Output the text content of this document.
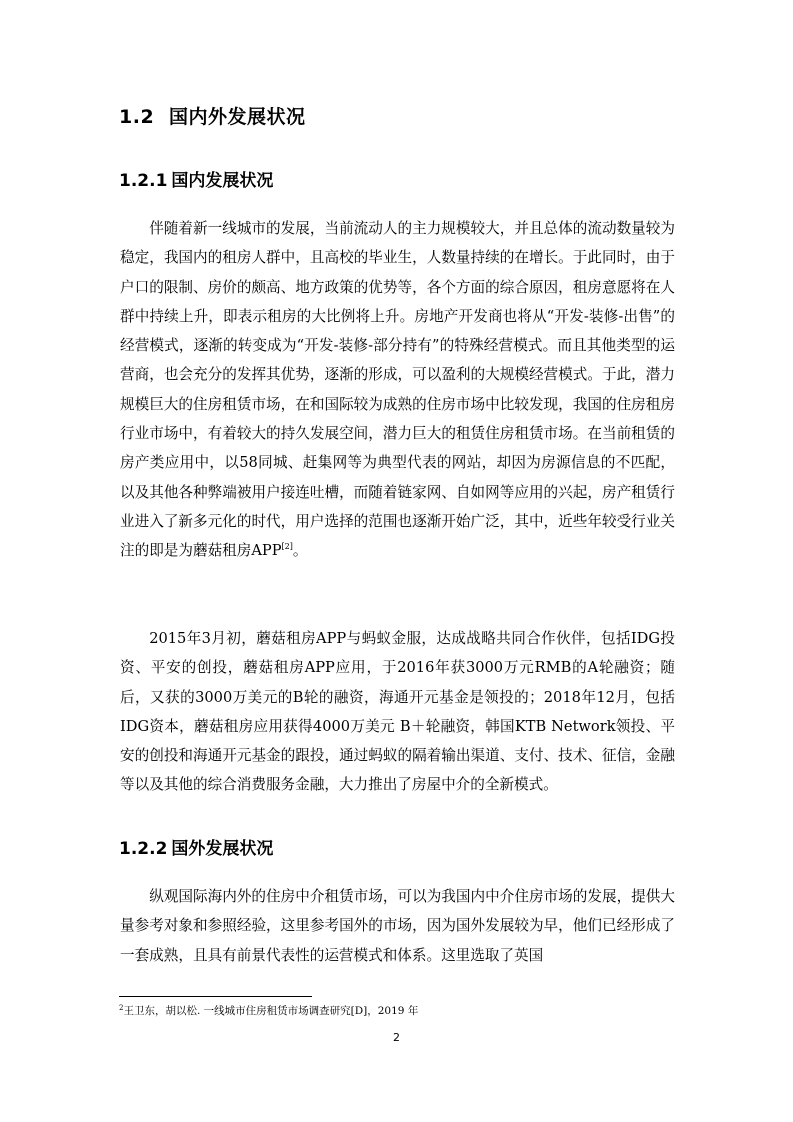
1.2 国内外发展状况
1.2.1 国内发展状况

伴随着新一线城市的发展，当前流动人的主力规模较大，并且总体的流动数量较为稳定，我国内的租房人群中，且高校的毕业生，人数量持续的在增长。于此同时，由于户口的限制、房价的颇高、地方政策的优势等，各个方面的综合原因，租房意愿将在人群中持续上升，即表示租房的大比例将上升。房地产开发商也将从“开发-装修-出售”的经营模式，逐渐的转变成为“开发-装修-部分持有”的特殊经营模式。而且其他类型的运营商，也会充分的发挥其优势，逐渐的形成，可以盈利的大规模经营模式。于此，潜力规模巨大的住房租赁市场，在和国际较为成熟的住房市场中比较发现，我国的住房租房行业市场中，有着较大的持久发展空间，潜力巨大的租赁住房租赁市场。在当前租赁的房产类应用中，以58同城、赶集网等为典型代表的网站，却因为房源信息的不匹配，以及其他各种弊端被用户接连吐槽，而随着链家网、自如网等应用的兴起，房产租赁行业进入了新多元化的时代，用户选择的范围也逐渐开始广泛，其中，近些年较受行业关注的即是为蘑菇租房APP[2]。

2015年3月初，蘑菇租房APP与蚂蚁金服，达成战略共同合作伙伴，包括IDG投资、平安的创投，蘑菇租房APP应用，于2016年获3000万元RMB的A轮融资；随后，又获的3000万美元的B轮的融资，海通开元基金是领投的；2018年12月，包括IDG资本，蘑菇租房应用获得4000万美元 B＋轮融资，韩国KTB Network领投、平安的创投和海通开元基金的跟投，通过蚂蚁的隔着输出渠道、支付、技术、征信，金融等以及其他的综合消费服务金融，大力推出了房屋中介的全新模式。

1.2.2 国外发展状况

纵观国际海内外的住房中介租赁市场，可以为我国内中介住房市场的发展，提供大量参考对象和参照经验，这里参考国外的市场，因为国外发展较为早，他们已经形成了一套成熟，且具有前景代表性的运营模式和体系。这里选取了英国

$^2$王卫东，胡以松. 一线城市住房租赁市场调查研究[D]，2019 年
2
